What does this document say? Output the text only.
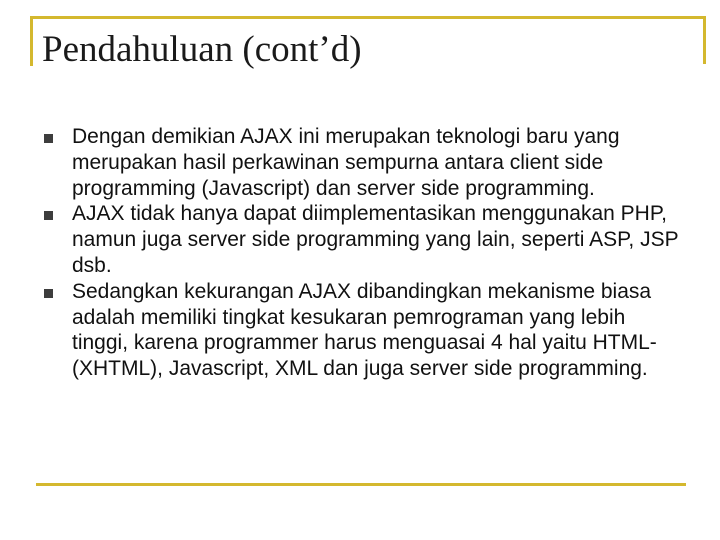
Pendahuluan (cont’d)
Dengan demikian AJAX ini merupakan teknologi baru yang merupakan hasil perkawinan sempurna antara client side programming (Javascript) dan server side programming.
AJAX tidak hanya dapat diimplementasikan menggunakan PHP, namun juga server side programming yang lain, seperti ASP, JSP dsb.
Sedangkan kekurangan AJAX dibandingkan mekanisme biasa adalah memiliki tingkat kesukaran pemrograman yang lebih tinggi, karena programmer harus menguasai 4 hal yaitu HTML-(XHTML), Javascript, XML dan juga server side programming.
